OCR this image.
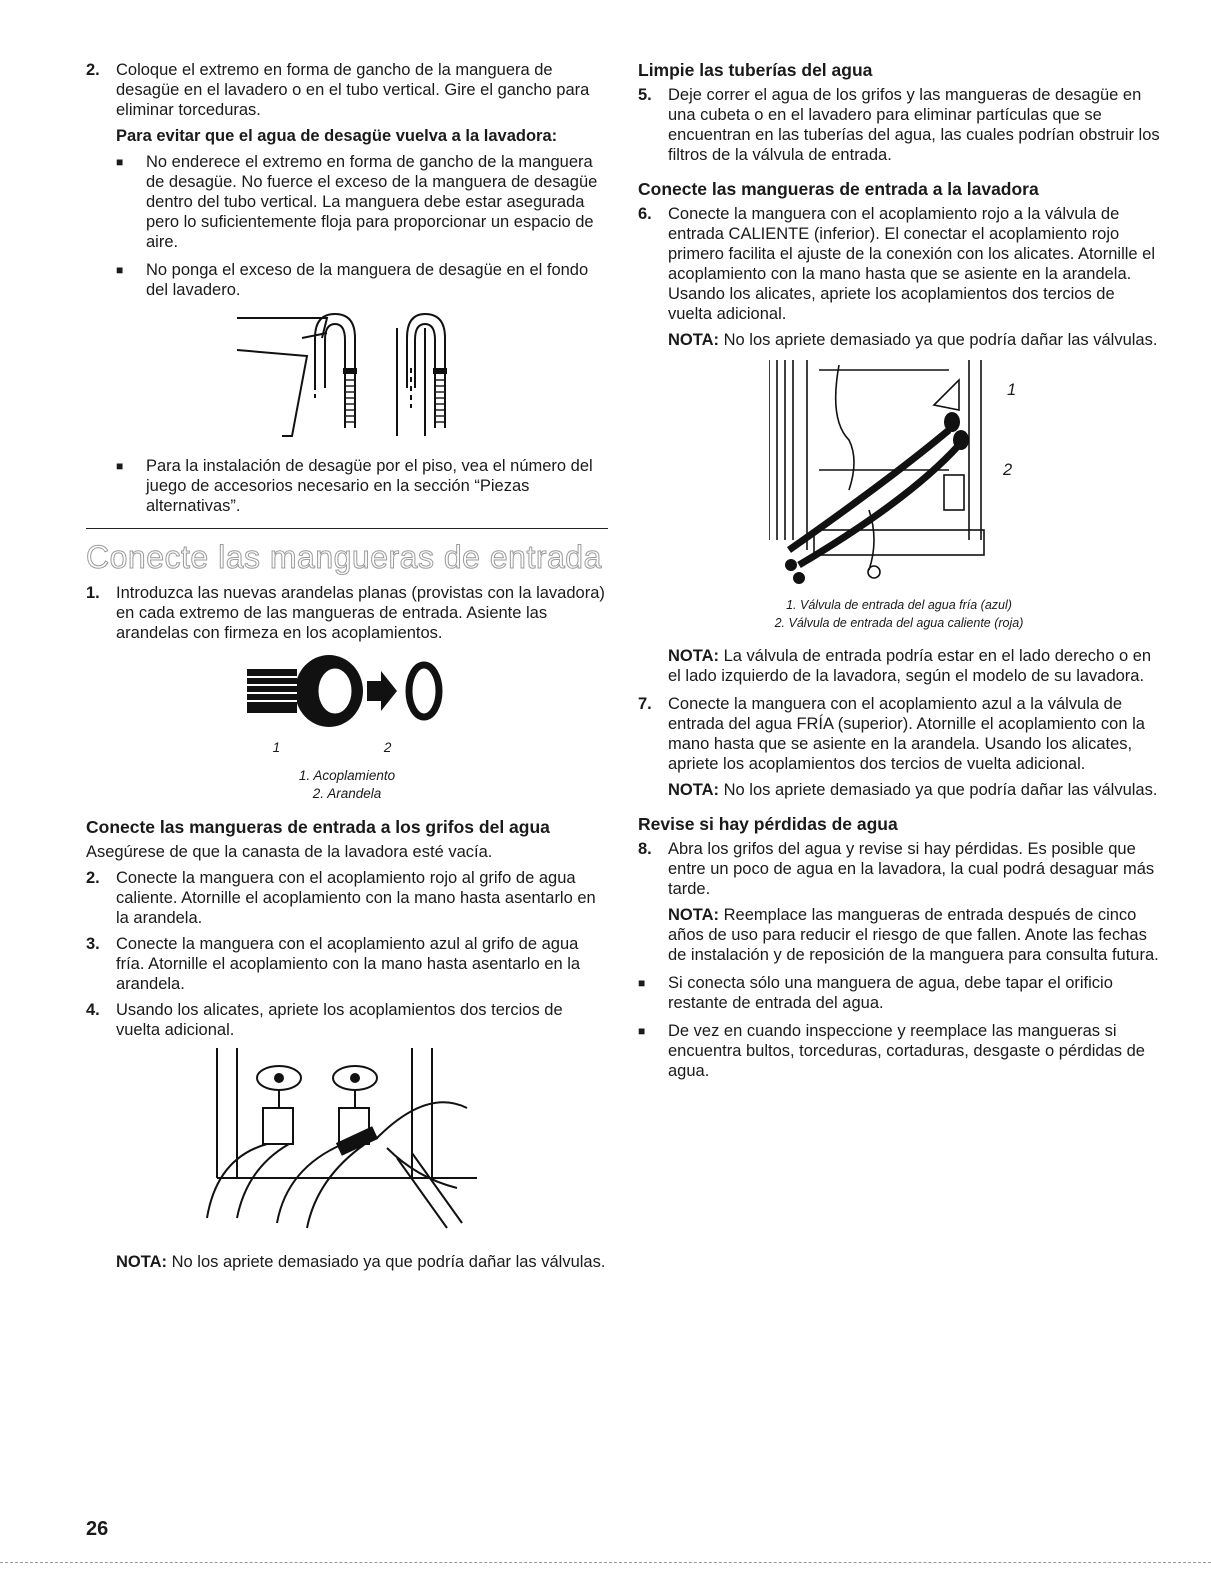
2. Coloque el extremo en forma de gancho de la manguera de desagüe en el lavadero o en el tubo vertical. Gire el gancho para eliminar torceduras.

Para evitar que el agua de desagüe vuelva a la lavadora:
■	No enderece el extremo en forma de gancho de la manguera de desagüe. No fuerce el exceso de la manguera de desagüe dentro del tubo vertical. La manguera debe estar asegurada pero lo suficientemente floja para proporcionar un espacio de aire.
■	No ponga el exceso de la manguera de desagüe en el fondo del lavadero.
■	Para la instalación de desagüe por el piso, vea el número del juego de accesorios necesario en la sección “Piezas alternativas”.
Conecte las mangueras de entrada
1. Introduzca las nuevas arandelas planas (provistas con la lavadora) en cada extremo de las mangueras de entrada. Asiente las arandelas con firmeza en los acoplamientos.

1	2
1. Acoplamiento
2. Arandela
Conecte las mangueras de entrada a los grifos del agua

Asegúrese de que la canasta de la lavadora esté vacía.

2. Conecte la manguera con el acoplamiento rojo al grifo de agua caliente. Atornille el acoplamiento con la mano hasta asentarlo en la arandela.

3. Conecte la manguera con el acoplamiento azul al grifo de agua fría. Atornille el acoplamiento con la mano hasta asentarlo en la arandela.

4. Usando los alicates, apriete los acoplamientos dos tercios de vuelta adicional.

NOTA: No los apriete demasiado ya que podría dañar las válvulas.

Limpie las tuberías del agua
5. Deje correr el agua de los grifos y las mangueras de desagüe en una cubeta o en el lavadero para eliminar partículas que se encuentran en las tuberías del agua, las cuales podrían obstruir los filtros de la válvula de entrada.

Conecte las mangueras de entrada a la lavadora
6. Conecte la manguera con el acoplamiento rojo a la válvula de entrada CALIENTE (inferior). El conectar el acoplamiento rojo primero facilita el ajuste de la conexión con los alicates. Atornille el acoplamiento con la mano hasta que se asiente en la arandela. Usando los alicates, apriete los acoplamientos dos tercios de vuelta adicional.

NOTA: No los apriete demasiado ya que podría dañar las válvulas.

1
2
1. Válvula de entrada del agua fría (azul)
2. Válvula de entrada del agua caliente (roja)

NOTA: La válvula de entrada podría estar en el lado derecho o en el lado izquierdo de la lavadora, según el modelo de su lavadora.

7. Conecte la manguera con el acoplamiento azul a la válvula de entrada del agua FRÍA (superior). Atornille el acoplamiento con la mano hasta que se asiente en la arandela. Usando los alicates, apriete los acoplamientos dos tercios de vuelta adicional.

NOTA: No los apriete demasiado ya que podría dañar las válvulas.

Revise si hay pérdidas de agua
8. Abra los grifos del agua y revise si hay pérdidas. Es posible que entre un poco de agua en la lavadora, la cual podrá desaguar más tarde.

NOTA: Reemplace las mangueras de entrada después de cinco años de uso para reducir el riesgo de que fallen. Anote las fechas de instalación y de reposición de la manguera para consulta futura.

■	Si conecta sólo una manguera de agua, debe tapar el orificio restante de entrada del agua.
■	De vez en cuando inspeccione y reemplace las mangueras si encuentra bultos, torceduras, cortaduras, desgaste o pérdidas de agua.
26
